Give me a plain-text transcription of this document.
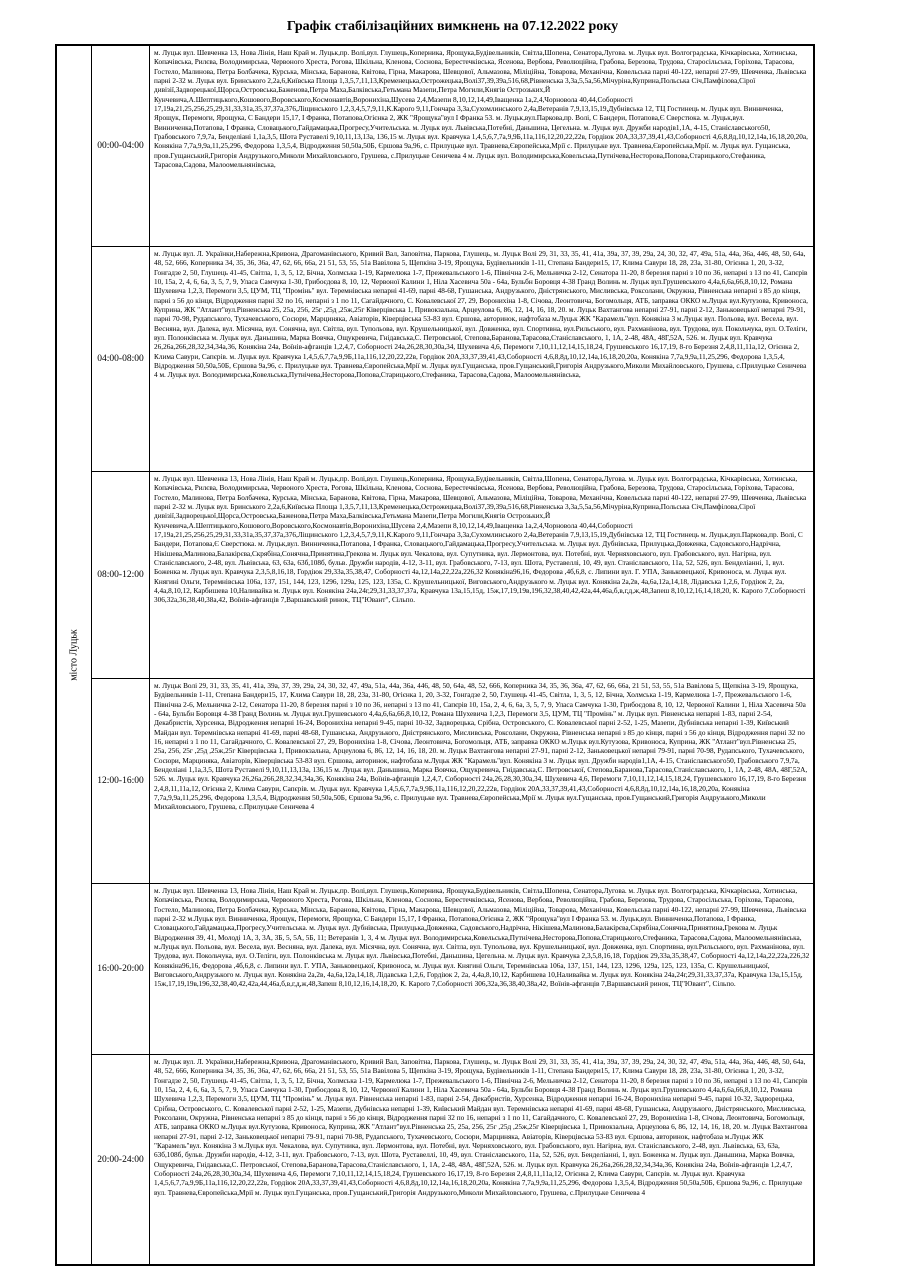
Графік стабілізаційних вимкнень на 07.12.2022 року
місто Луцьк
00:00-04:00
м. Луцьк вул. Шевченка 13, Нова Лінія, Наш Край м. Луцьк,пр. Волі,вул. Глушець,Коперника, Ярощука,Будівельників, Світла,Шопена, Сенатора,Лугова. м. Луцьк вул. Волгоградська, Кічкарівська, Хотинська, Копачівська, Рилєва, Володимирська, Червоного Хреста, Рогова, Шкільна, Кленова, Соснова, Берестечківська, Ясенова, Вербова, Революційна, Грабова, Березова, Трудова, Старосільська, Горіхова, Тарасова, Гостело, Малинова, Петра Болбачека, Курська, Мінська, Баранова, Квітова, Гірна, Макарова, Шевцової, Альмазова, Міліційна, Товарова, Механічна, Ковельська парні 40-122, непарні 27-99, Шевченка, Львівська парні 2-32 м. Луцьк вул. Бринського 2,2а,6,Київська Площа 1,3,5,7,11,13,Кременецька,Острожецька,Волі37,39,39а,516,68,Рівненська 3,3а,5,5а,56,Мічуріна,Куприна,Польська Січ,Памфілова,Сірої дивізії,Задворецької,Щорса,Островська,Баженова,Петра Маха,Балківська,Гетьмана Мазепи,Петра Могили,Княгів Острозьких,Й Кунчевича,А.Шептицького,Кошового,Воровського,Космонавтів,Воронихіна,Шусева 2,4,Мазепи 8,10,12,14,49,Іващенка 1а,2,4,Чорновола 40,44,Соборності 17,19а,21,25,256,25,29,31,33,31а,35,37,37а,376,Ліщинського 1,2,3,4,5,7,9,11,К.Кароґо 9,11,Гончара 3,3а,Сухомлинського 2,4а,Ветеранів 7,9,13,15,19,Дубнівська 12, ТЦ Гостинець м. Луцьк вул. Винниченка, Ярощук, Перемоги, Ярощука, С Бандери 15,17, І Франка, Потапова,Огієнка 2, ЖК "Ярощука"вул І Франка 53. м. Луцьк,вул.Паркова,пр. Волі, С Бандери, Потапова,Є Сверстюка. м. Луцьк,вул. Винниченка,Потапова, І Франка, Словацького,Гайдамацька,Прогресу,Учительська. м. Луцьк вул. Львівська,Потебні, Даньшина, Цегельна. м. Луцьк вул. Дружби народів1,1А, 4-15, Станіславського50, Грабовського 7,9,7а, Бенделіані 1,1а,3,5, Шота Руставелі 9,10,11,13,13а, 136,15 м. Луцьк вул. Кравчука 1,4,5,6,7,7а,9,9Б,11а,116,12,20,22,22в, Гордіюк 20А,33,37,39,41,43,Соборності 4,6,8,8д,10,12,14а,16,18,20,20а, Конякіна 7,7а,9,9а,11,25,296, Федорова 1,3,5,4, Відродження 50,50а,50Б, Єршова 9а,96, с. Прилуцьке вул. Травнева,Європейська,Мрії с. Прилуцьке вул. Травнева,Європейська,Мрії. м. Луцьк вул. Гущанська, пров.Гущанський,Григорія Андрузького,Миколи Михайловського, Грушева, с.Прилуцьке Сеничева 4 м. Луцьк вул. Володимирська,Ковельська,Путнічева,Несторова,Попова,Старицького,Стефаника, Тарасова,Садова, Малоомельнянівська,
04:00-08:00
м. Луцьк вул. Л. Українки,Набережна,Кривона, Драгоманівського, Кривий Вал, Заповітна, Паркова, Глушець, м. Луцьк Волі 29, 31, 33, 35, 41, 41а, 39а, 37, 39, 29а, 24, 30, 32, 47, 49а, 51а, 44а, 36а, 446, 48, 50, 64а, 48, 52, 666, Коперника 34, 35, 36, 36а, 47, 62, 66, 66а, 21 51, 53, 55, 51а Вавілова 5, Щепкіна 3-19, Ярощука, Будівельників 1-11, Степана Бандери15, 17, Клима Савури 18, 28, 23а, 31-80, Огієнка 1, 20, 3-32, Гонгадзе 2, 50, Глушець 41-45, Світла, 1, 3, 5, 12, Бічна, Холмська 1-19, Кармелюка 1-7, Прежевальського 1-6, Північна 2-6, Мельничка 2-12, Сенатора 11-20, 8 березня парні з 10 по 36, непарні з 13 по 41, Сапєрів 10, 15а, 2, 4, 6, 6а, 3, 5, 7, 9, Уласа Самчука 1-30, Грибоєдова 8, 10, 12, Червоної Калини 1, Ніла Хасевича 50а - 64а, Бульбн Боровця 4-38 Гранд Волинь м. Луцьк вул.Грушевського 4,4а,6,6а,66,8,10,12, Романа Шухевича 1,2,3, Перемоги 3,5, ЦУМ, ТЦ "Промінь" вул. Теремнівська непарні 41-69, парні 48-68, Гушанська, Андрузького, Дністрянського, Мисливська, Роксолани, Окружна, Рівненська непарні з 85 до кінця, парні з 56 до кінця, Відродження парні 32 по 16, непарні з 1 по 11, Сагайдачного, С. Ковалевської 27, 29, Воронихіна 1-8, Січова, Леонтовича, Богомольця, АТБ, заправка ОККО м.Луцьк вул.Кутузова, Кривоноса, Куприна, ЖК "Атлант"вул.Рівненська 25, 25а, 256, 25г ,25д ,25ж,25г Ківерцівська 1, Привокзальна, Арцеулова 6, 86, 12, 14, 16, 18, 20. м. Луцьк Вахтангова непарні 27-91, парні 2-12, Заньковецької непарні 79-91, парні 70-98, Рудапського, Тухачевського, Сосюри, Марциняка, Авіаторів, Ківерцівська 53-83 вул. Єршова, авторинок, нафтобаза м.Луцьк ЖК "Карамель"вул. Конякіна 3 м.Луцьк вул. Польова, вул. Весела, вул. Весняна, вул. Далека, вул. Місячна, вул. Сонячна, вул. Світла, вул. Тупольова, вул. Крушельницької, вул. Довженка, вул. Спортивна, вул.Рильського, вул. Рахманінова, вул. Трудова, вул. Покольчука, вул. О.Теліги, вул. Полонківська м. Луцьк вул. Даньшина, Марка Вовчка, Ощукревича, Гнідавська,С. Петровської, Степова,Баранова,Тарасова,Станіславського, 1, 1А, 2-48, 48А, 48Г,52А, 526. м. Луцьк вул. Кравчука 26,26а,266,28,32,34,34а,36, Конякіна 24а, Воїнів-афганців 1,2,4,7, Соборності 24а,26,28,30,30а,34, Шухевича 4,6, Перемоги 7,10,11,12,14,15,18,24, Грушевського 16,17,19, 8-го Березня 2,4,8,11,11а,12, Огієнка 2, Клима Савури, Сапєрів. м. Луцьк вул. Кравчука 1,4,5,6,7,7а,9,9Б,11а,116,12,20,22,22в, Гордіюк 20А,33,37,39,41,43,Соборності 4,6,8,8д,10,12,14а,16,18,20,20а, Конякіна 7,7а,9,9а,11,25,296, Федорова 1,3,5,4, Відродження 50,50а,50Б, Єршова 9а,96, с. Прилуцьке вул. Травнева,Європейська,Мрії м. Луцьк вул.Гущанська, пров.Гущанський,Григорія Андрузького,Миколи Михайловського, Грушева, с.Прилуцьке Сеничева 4 м. Луцьк вул. Володимирська,Ковельська,Путнічева,Несторова,Попова,Старицького,Стефаника, Тарасова,Садова, Малоомельнянівська,
08:00-12:00
м. Луцьк вул. Шевченка 13, Нова Лінія, Наш Край м. Луцьк,пр. Волі,вул. Глушець,Коперника, Ярощука,Будівельників, Світла,Шопена, Сенатора,Лугова. м. Луцьк вул. Волгоградська, Кічкарівська, Хотинська, Копачівська, Рилєва, Володимирська, Червоного Хреста, Рогова, Шкільна, Кленова, Соснова, Берестечківська, Ясенова, Вербова, Революційна, Грабова, Березова, Трудова, Старосільська, Горіхова, Тарасова, Гостело, Малинова, Петра Болбачека, Курська, Мінська, Баранова, Квітова, Гірна, Макарова, Шевцової, Альмазова, Міліційна, Товарова, Механічна, Ковельська парні 40-122, непарні 27-99, Шевченка, Львівська парні 2-32 м. Луцьк вул. Бринського 2,2а,6,Київська Площа 1,3,5,7,11,13,Кременецька,Острожецька,Волі37,39,39а,516,68,Рівненська 3,3а,5,5а,56,Мічуріна,Куприна,Польська Січ,Памфілова,Сірої дивізії,Задворецької,Щорса,Островська,Баженова,Петра Маха,Балківська,Гетьмана Мазепи,Петра Могили,Княгів Острозьких,Й Кунчевича,А.Шептицького,Кошового,Воровського,Космонавтів,Воронихіна,Шусева 2,4,Мазепи 8,10,12,14,49,Іващенка 1а,2,4,Чорновола 40,44,Соборності 17,19а,21,25,256,25,29,31,33,31а,35,37,37а,376,Ліщинського 1,2,3,4,5,7,9,11,К.Кароґо 9,11,Гончара 3,3а,Сухомлинського 2,4а,Ветеранів 7,9,13,15,19,Дубнівська 12, ТЦ Гостинець м. Луцьк,вул.Паркова,пр. Волі, С Бандери, Потапова,Є Сверстюка. м. Луцьк,вул. Винниченка,Потапова, І Франка, Словацького,Гайдамацька,Прогресу,Учительська. м. Луцьк вул. Дубнівська, Прилуцька,Довженка, Садовського,Надрічна, Нікішева,Малинова,Балакірєва,Скрябіна,Сонячна,Принятина,Грекова м. Луцьк вул. Чекалова, вул. Супутника, вул. Лермонтова, вул. Потебні, вул. Черняховського, вул. Грабовського, вул. Нагірна, вул. Станіславського, 2-48, вул. Львівська, 63, 63а, 63б,108б, бульв. Дружби народів, 4-12, 3-11, вул. Грабовського, 7-13, вул. Шота, Руставеллі, 10, 49, вул. Станіславського, 11а, 52, 526, вул. Бенделіанні, 1, вул. Боженка м. Луцьк вул. Кравчука 2,3,5,8,16,18, Гордіюк 29,33а,35,38,47, Соборності 4а,12,14а,22,22а,226,32 Конякіна96,16, Федорова ,4б,6,8, с. Липини вул. Г. УПА, Заньковецької, Кривоноса, м. Луцьк вул. Княгині Ольги, Теремнівська 106а, 137, 151, 144, 123, 1296, 129а, 125, 123, 135а, С. Крушельницької, Виговського,Андрузького м. Луцьк вул. Конякіна 2а,2в, 4а,6а,12а,14,18, Лідавська 1,2,6, Гордіюк 2, 2а, 4,4а,8,10,12, Карбишева 10,Наливайка м. Луцьк вул. Конякіна 24а,24г,29,31,33,37,37а, Кравчука 13а,15,15д, 15ж,17,19,19в,196,32,38,40,42,42а,44,46а,б,в,г,д,ж,48,Запеш 8,10,12,16,14,18,20, К. Кароґо 7,Соборності 306,32а,36,38,40,38а,42, Воїнів-афганців 7,Варшавський ринок, ТЦ"Ювант", Сільпо.
12:00-16:00
м. Луцьк Волі 29, 31, 33, 35, 41, 41а, 39а, 37, 39, 29а, 24, 30, 32, 47, 49а, 51а, 44а, 36а, 446, 48, 50, 64а, 48, 52, 666, Коперника 34, 35, 36, 36а, 47, 62, 66, 66а, 21 51, 53, 55, 51а Вавілова 5, Щепкіна 3-19, Ярощука, Будівельників 1-11, Степана Бандери15, 17, Клима Савури 18, 28, 23а, 31-80, Огієнка 1, 20, 3-32, Гонгадзе 2, 50, Глушець 41-45, Світла, 1, 3, 5, 12, Бічна, Холмська 1-19, Кармелюка 1-7, Прежевальського 1-6, Північна 2-6, Мельничка 2-12, Сенатора 11-20, 8 березня парні з 10 по 36, непарні з 13 по 41, Сапєрів 10, 15а, 2, 4, 6, 6а, 3, 5, 7, 9, Уласа Самчука 1-30, Грибоєдова 8, 10, 12, Червоної Калини 1, Ніла Хасевича 50а - 64а, Бульбн Боровця 4-38 Гранд Волинь м. Луцьк вул.Грушевського 4,4а,6,6а,66,8,10,12, Романа Шухевича 1,2,3, Перемоги 3,5, ЦУМ, ТЦ "Промінь" м. Луцьк вул. Рівненська непарні 1-83, парні 2-54, Декабристів, Хурсенка, Відродження непарні 16-24, Воронихіна непарні 9-45, парні 10-32, Задворецька, Срібна, Островського, С. Ковалевської парні 2-52, 1-25, Мазепи, Дубнівська непарні 1-39, Київський Майдан вул. Теремнівська непарні 41-69, парні 48-68, Гушанська, Андрузького, Дністрянського, Мисливська, Роксолани, Окружна, Рівненська непарні з 85 до кінця, парні з 56 до кінця, Відродження парні 32 по 16, непарні з 1 по 11, Сагайдачного, С. Ковалевської 27, 29, Воронихіна 1-8, Січова, Леонтовича, Богомольця, АТБ, заправка ОККО м.Луцьк вул.Кутузова, Кривоноса, Куприна, ЖК "Атлант"вул.Рівненська 25, 25а, 256, 25г ,25д ,25ж,25г Ківерцівська 1, Привокзальна, Арцеулова 6, 86, 12, 14, 16, 18, 20. м. Луцьк Вахтангова непарні 27-91, парні 2-12, Заньковецької непарні 79-91, парні 70-98, Рудапського, Тухачевського, Сосюри, Марциняка, Авіаторів, Ківерцівська 53-83 вул. Єршова, авторинок, нафтобаза м.Луцьк ЖК "Карамель"вул. Конякіна 3 м. Луцьк вул. Дружби народів1,1А, 4-15, Станіславського50, Грабовського 7,9,7а, Бенделіані 1,1а,3,5, Шота Руставелі 9,10,11,13,13а, 136,15 м. Луцьк вул. Даньшина, Марка Вовчка, Ощукревича, Гнідавська,С. Петровської, Степова,Баранова,Тарасова,Станіславського, 1, 1А, 2-48, 48А, 48Г,52А, 526. м. Луцьк вул. Кравчука 26,26а,266,28,32,34,34а,36, Конякіна 24а, Воїнів-афганців 1,2,4,7, Соборності 24а,26,28,30,30а,34, Шухевича 4,6, Перемоги 7,10,11,12,14,15,18,24, Грушевського 16,17,19, 8-го Березня 2,4,8,11,11а,12, Огієнка 2, Клима Савури, Сапєрів. м. Луцьк вул. Кравчука 1,4,5,6,7,7а,9,9Б,11а,116,12,20,22,22в, Гордіюк 20А,33,37,39,41,43,Соборності 4,6,8,8д,10,12,14а,16,18,20,20а, Конякіна 7,7а,9,9а,11,25,296, Федорова 1,3,5,4, Відродження 50,50а,50Б, Єршова 9а,96, с. Прилуцьке вул. Травнева,Європейська,Мрії м. Луцьк вул.Гущанська, пров.Гущанський,Григорія Андрузького,Миколи Михайловського, Грушева, с.Прилуцьке Сеничева 4
16:00-20:00
м. Луцьк вул. Шевченка 13, Нова Лінія, Наш Край м. Луцьк,пр. Волі,вул. Глушець,Коперника, Ярощука,Будівельників, Світла,Шопена, Сенатора,Лугова. м. Луцьк вул. Волгоградська, Кічкарівська, Хотинська, Копачівська, Рилєва, Володимирська, Червоного Хреста, Рогова, Шкільна, Кленова, Соснова, Берестечківська, Ясенова, Вербова, Революційна, Грабова, Березова, Трудова, Старосільська, Горіхова, Тарасова, Гостело, Малинова, Петра Болбачека, Курська, Мінська, Баранова, Квітова, Гірна, Макарова, Шевцової, Альмазова, Міліційна, Товарова, Механічна, Ковельська парні 40-122, непарні 27-99, Шевченка, Львівська парні 2-32 м.Луцьк вул. Винниченка, Ярощук, Перемоги, Ярощука, С Бандери 15,17, І Франка, Потапова,Огієнка 2, ЖК "Ярощука"вул І Франка 53. м. Луцьк,вул. Винниченка,Потапова, І Франка, Словацького,Гайдамацька,Прогресу,Учительська. м. Луцьк вул. Дубнівська, Прилуцька,Довженка, Садовського,Надрічна, Нікішева,Малинова,Балакірєва,Скрябіна,Сонячна,Принятина,Грекова м. Луцьк Відродження 39, 41, Молоді 1А, 3, 3А, 3Б, 5, 5А, 5Б, 11; Ветеранів 1, 3, 4 м. Луцьк вул. Володимирська,Ковельська,Путнічева,Несторова,Попова,Старицького,Стефаника, Тарасова,Садова, Малоомельнянівська, м.Луцьк вул. Польова, вул. Весела, вул. Весняна, вул. Далека, вул. Місячна, вул. Сонячна, вул. Світла, вул. Тупольова, вул. Крушельницької, вул. Довженка, вул. Спортивна, вул.Рильського, вул. Рахманінова, вул. Трудова, вул. Покольчука, вул. О.Теліги, вул. Полонківська м. Луцьк вул. Львівська,Потебні, Даньшина, Цегельна. м. Луцьк вул. Кравчука 2,3,5,8,16,18, Гордіюк 29,33а,35,38,47, Соборності 4а,12,14а,22,22а,226,32 Конякіна96,16, Федорова ,4б,6,8, с. Липини вул. Г. УПА, Заньковецької, Кривоноса, м. Луцьк вул. Княгині Ольги, Теремнівська 106а, 137, 151, 144, 123, 1296, 129а, 125, 123, 135а, С. Крушельницької, Виговського,Андрузького м. Луцьк вул. Конякіна 2а,2в, 4а,6а,12а,14,18, Лідавська 1,2,6, Гордіюк 2, 2а, 4,4а,8,10,12, Карбишева 10,Наливайка м. Луцьк вул. Конякіна 24а,24г,29,31,33,37,37а, Кравчука 13а,15,15д, 15ж,17,19,19в,196,32,38,40,42,42а,44,46а,б,в,г,д,ж,48,Запеш 8,10,12,16,14,18,20, К. Кароґо 7,Соборності 306,32а,36,38,40,38а,42, Воїнів-афганців 7,Варшавський ринок, ТЦ"Ювант", Сільпо.
20:00-24:00
м. Луцьк вул. Л. Українки,Набережна,Кривона, Драгоманівського, Кривий Вал, Заповітна, Паркова, Глушець, м. Луцьк Волі 29, 31, 33, 35, 41, 41а, 39а, 37, 39, 29а, 24, 30, 32, 47, 49а, 51а, 44а, 36а, 446, 48, 50, 64а, 48, 52, 666, Коперника 34, 35, 36, 36а, 47, 62, 66, 66а, 21 51, 53, 55, 51а Вавілова 5, Щепкіна 3-19, Ярощука, Будівельників 1-11, Степана Бандери15, 17, Клима Савури 18, 28, 23а, 31-80, Огієнка 1, 20, 3-32, Гонгадзе 2, 50, Глушець 41-45, Світла, 1, 3, 5, 12, Бічна, Холмська 1-19, Кармелюка 1-7, Прежевальського 1-6, Північна 2-6, Мельничка 2-12, Сенатора 11-20, 8 березня парні з 10 по 36, непарні з 13 по 41, Сапєрів 10, 15а, 2, 4, 6, 6а, 3, 5, 7, 9, Уласа Самчука 1-30, Грибоєдова 8, 10, 12, Червоної Калини 1, Ніла Хасевича 50а - 64а, Бульбн Боровця 4-38 Гранд Волинь м. Луцьк вул.Грушевського 4,4а,6,6а,66,8,10,12, Романа Шухевича 1,2,3, Перемоги 3,5, ЦУМ, ТЦ "Промінь" м. Луцьк вул. Рівненська непарні 1-83, парні 2-54, Декабристів, Хурсенка, Відродження непарні 16-24, Воронихіна непарні 9-45, парні 10-32, Задворецька, Срібна, Островського, С. Ковалевської парні 2-52, 1-25, Мазепи, Дубнівська непарні 1-39, Київський Майдан вул. Теремнівська непарні 41-69, парні 48-68, Гушанська, Андрузького, Дністрянського, Мисливська, Роксолани, Окружна, Рівненська непарні з 85 до кінця, парні з 56 до кінця, Відродження парні 32 по 16, непарні з 1 по 11, Сагайдачного, С. Ковалевської 27, 29, Воронихіна 1-8, Січова, Леонтовича, Богомольця, АТБ, заправка ОККО м.Луцьк вул.Кутузова, Кривоноса, Куприна, ЖК "Атлант"вул.Рівненська 25, 25а, 256, 25г ,25д ,25ж,25г Ківерцівська 1, Привокзальна, Арцеулова 6, 86, 12, 14, 16, 18, 20. м. Луцьк Вахтангова непарні 27-91, парні 2-12, Заньковецької непарні 79-91, парні 70-98, Рудапського, Тухачевського, Сосюри, Марциняка, Авіаторів, Ківерцівська 53-83 вул. Єршова, авторинок, нафтобаза м.Луцьк ЖК "Карамель"вул. Конякіна 3 м.Луцьк вул. Чекалова, вул. Супутника, вул. Лермонтова, вул. Потебні, вул. Черняховського, вул. Грабовського, вул. Нагірна, вул. Станіславського, 2-48, вул. Львівська, 63, 63а, 63б,108б, бульв. Дружби народів, 4-12, 3-11, вул. Грабовського, 7-13, вул. Шота, Руставеллі, 10, 49, вул. Станіславського, 11а, 52, 526, вул. Бенделіанні, 1, вул. Боженка м. Луцьк вул. Даньшина, Марка Вовчка, Ощукревича, Гнідавська,С. Петровської, Степова,Баранова,Тарасова,Станіславського, 1, 1А, 2-48, 48А, 48Г,52А, 526. м. Луцьк вул. Кравчука 26,26а,266,28,32,34,34а,36, Конякіна 24а, Воїнів-афганців 1,2,4,7, Соборності 24а,26,28,30,30а,34, Шухевича 4,6, Перемоги 7,10,11,12,14,15,18,24, Грушевського 16,17,19, 8-го Березня 2,4,8,11,11а,12, Огієнка 2, Клима Савури, Сапєрів. м. Луцьк вул. Кравчука 1,4,5,6,7,7а,9,9Б,11а,116,12,20,22,22в, Гордіюк 20А,33,37,39,41,43,Соборності 4,6,8,8д,10,12,14а,16,18,20,20а, Конякіна 7,7а,9,9а,11,25,296, Федорова 1,3,5,4, Відродження 50,50а,50Б, Єршова 9а,96, с. Прилуцьке вул. Травнева,Європейська,Мрії м. Луцьк вул.Гущанська, пров.Гущанський,Григорія Андрузького,Миколи Михайловського, Грушева, с.Прилуцьке Сеничева 4
